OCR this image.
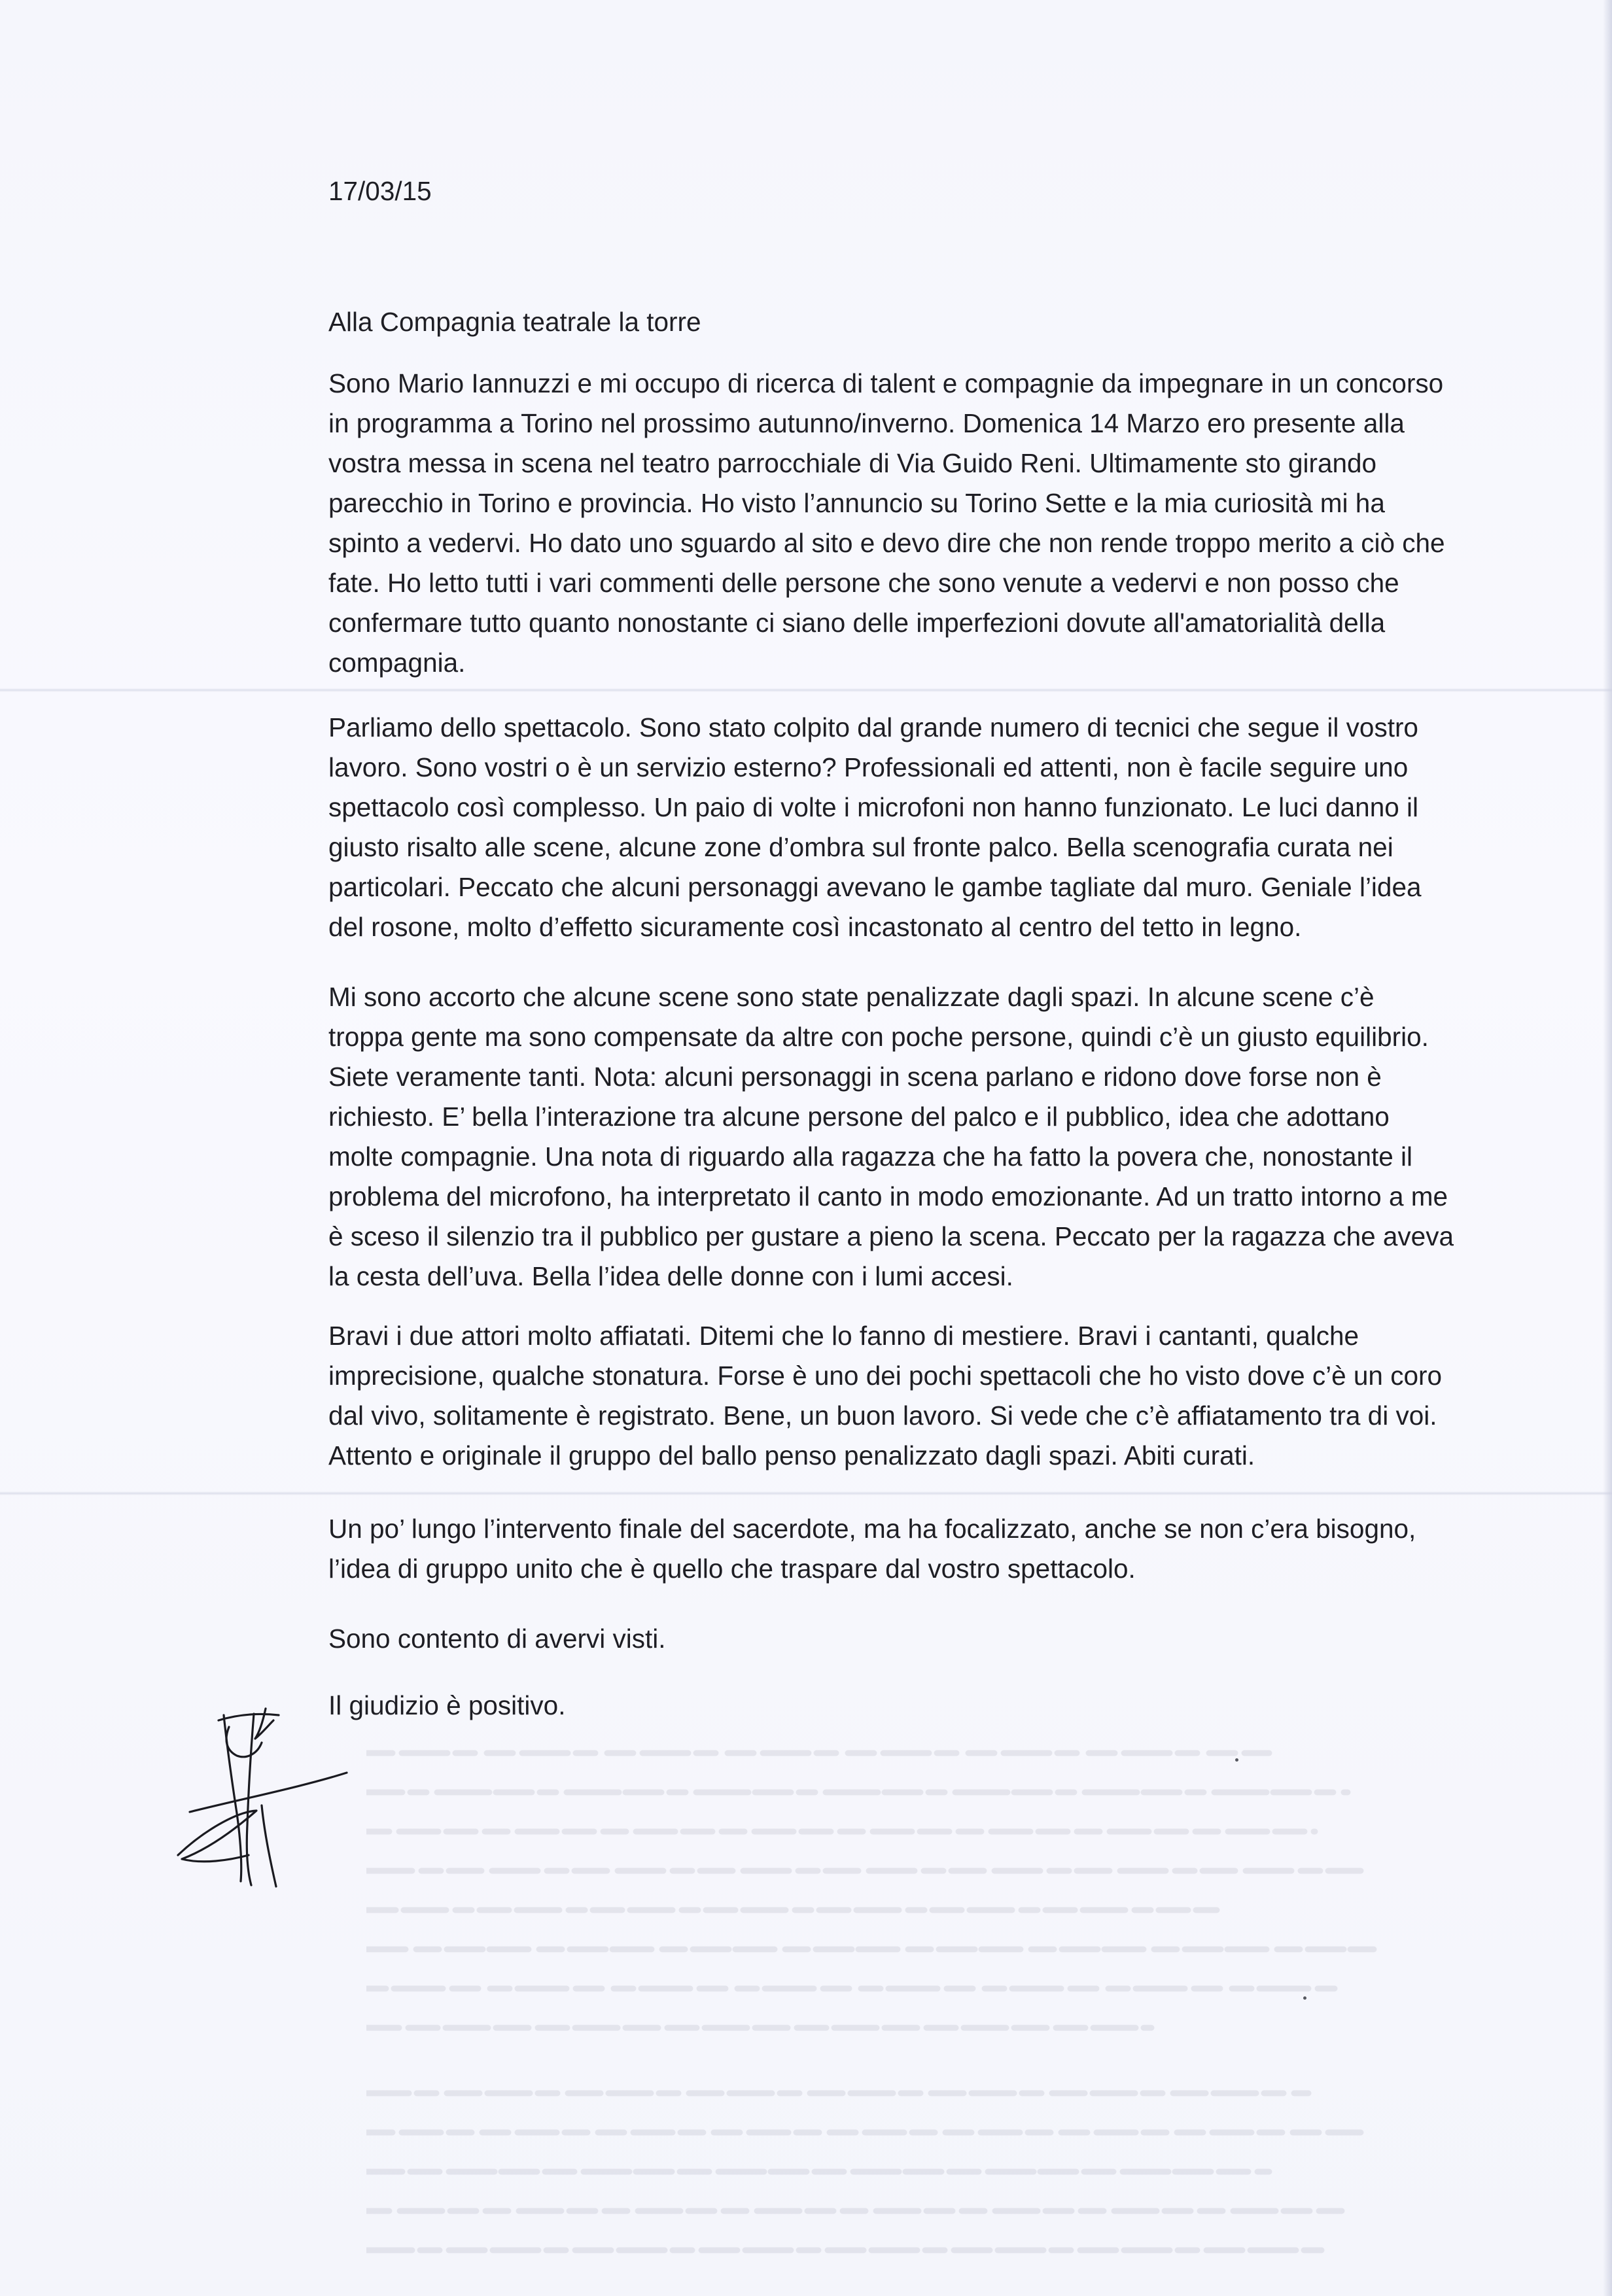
17/03/15

Alla Compagnia teatrale la torre

Sono Mario Iannuzzi e mi occupo di ricerca di talent e compagnie da impegnare in un concorso
in programma a Torino nel prossimo autunno/inverno. Domenica 14 Marzo ero presente alla
vostra messa in scena nel teatro parrocchiale di Via Guido Reni. Ultimamente sto girando
parecchio in Torino e provincia. Ho visto l’annuncio su Torino Sette e la mia curiosità mi ha
spinto a vedervi. Ho dato uno sguardo al sito e devo dire che non rende troppo merito a ciò che
fate. Ho letto tutti i vari commenti delle persone che sono venute a vedervi e non posso che
confermare tutto quanto nonostante ci siano delle imperfezioni dovute all'amatorialità della
compagnia.

Parliamo dello spettacolo. Sono stato colpito dal grande numero di tecnici che segue il vostro
lavoro. Sono vostri o è un servizio esterno? Professionali ed attenti, non è facile seguire uno
spettacolo così complesso. Un paio di volte i microfoni non hanno funzionato. Le luci danno il
giusto risalto alle scene, alcune zone d’ombra sul fronte palco. Bella scenografia curata nei
particolari. Peccato che alcuni personaggi avevano le gambe tagliate dal muro. Geniale l’idea
del rosone, molto d’effetto sicuramente così incastonato al centro del tetto in legno.

Mi sono accorto che alcune scene sono state penalizzate dagli spazi. In alcune scene c’è
troppa gente ma sono compensate da altre con poche persone, quindi c’è un giusto equilibrio.
Siete veramente tanti. Nota: alcuni personaggi in scena parlano e ridono dove forse non è
richiesto. E’ bella l’interazione tra alcune persone del palco e il pubblico, idea che adottano
molte compagnie. Una nota di riguardo alla ragazza che ha fatto la povera che, nonostante il
problema del microfono, ha interpretato il canto in modo emozionante. Ad un tratto intorno a me
è sceso il silenzio tra il pubblico per gustare a pieno la scena. Peccato per la ragazza che aveva
la cesta dell’uva. Bella l’idea delle donne con i lumi accesi.

Bravi i due attori molto affiatati. Ditemi che lo fanno di mestiere. Bravi i cantanti, qualche
imprecisione, qualche stonatura. Forse è uno dei pochi spettacoli che ho visto dove c’è un coro
dal vivo, solitamente è registrato. Bene, un buon lavoro. Si vede che c’è affiatamento tra di voi.
Attento e originale il gruppo del ballo penso penalizzato dagli spazi. Abiti curati.

Un po’ lungo l’intervento finale del sacerdote, ma ha focalizzato, anche se non c’era bisogno,
l’idea di gruppo unito che è quello che traspare dal vostro spettacolo.

Sono contento di avervi visti.

Il giudizio è positivo.
